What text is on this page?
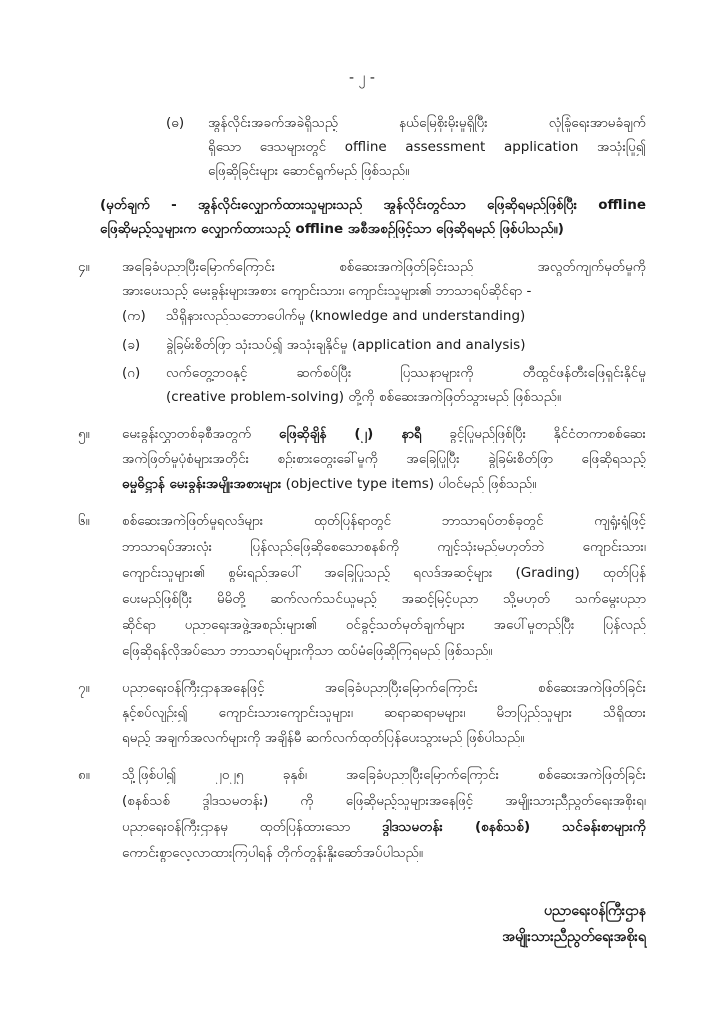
- ၂ -
(ဓ) အွန်လိုင်းအခက်အခဲရှိသည့် နယ်မြေစိုးမိုးမှုရှိပြီး လုံခြုံရေးအာမခံချက်
ရှိသော ဒေသများတွင် offline assessment application အသုံးပြု၍
ဖြေဆိုခြင်းများ ဆောင်ရွက်မည် ဖြစ်သည်။
(မှတ်ချက် - အွန်လိုင်းလျှောက်ထားသူများသည် အွန်လိုင်းတွင်သာ ဖြေဆိုရမည်ဖြစ်ပြီး offline
ဖြေဆိုမည့်သူများက လျှောက်ထားသည့် offline အစီအစဉ်ဖြင့်သာ ဖြေဆိုရမည် ဖြစ်ပါသည်။)
၄။ အခြေခံပညာပြီးမြောက်ကြောင်း စစ်ဆေးအကဲဖြတ်ခြင်းသည် အလွတ်ကျက်မှတ်မှုကို
အားပေးသည့် မေးခွန်းများအစား ကျောင်းသား၊ ကျောင်းသူများ၏ ဘာသာရပ်ဆိုင်ရာ -
(က) သိရှိနားလည်သဘောပေါက်မှု (knowledge and understanding)
(ခ) ခွဲခြမ်းစိတ်ဖြာ သုံးသပ်၍ အသုံးချနိုင်မှု (application and analysis)
(ဂ) လက်တွေ့ဘဝနှင့် ဆက်စပ်ပြီး ပြဿနာများကို တီထွင်ဖန်တီးဖြေရှင်းနိုင်မှု
(creative problem-solving) တို့ကို စစ်ဆေးအကဲဖြတ်သွားမည် ဖြစ်သည်။
၅။ မေးခွန်းလွှာတစ်ခုစီအတွက် ဖြေဆိုချိန် (၂) နာရီ ခွင့်ပြုမည်ဖြစ်ပြီး နိုင်ငံတကာစစ်ဆေး
အကဲဖြတ်မှုပုံစံများအတိုင်း စဉ်းစားတွေးခေါ်မှုကို အခြေပြုပြီး ခွဲခြမ်းစိတ်ဖြာ ဖြေဆိုရသည့်
ဓမ္မဓိဋ္ဌာန် မေးခွန်းအမျိုးအစားများ (objective type items) ပါဝင်မည် ဖြစ်သည်။
၆။ စစ်ဆေးအကဲဖြတ်မှုရလဒ်များ ထုတ်ပြန်ရာတွင် ဘာသာရပ်တစ်ခုတွင် ကျရှုံးရုံဖြင့်
ဘာသာရပ်အားလုံး ပြန်လည်ဖြေဆိုစေသောစနစ်ကို ကျင့်သုံးမည်မဟုတ်ဘဲ ကျောင်းသား၊
ကျောင်းသူများ၏ စွမ်းရည်အပေါ် အခြေပြုသည့် ရလဒ်အဆင့်များ (Grading) ထုတ်ပြန်
ပေးမည်ဖြစ်ပြီး မိမိတို့ ဆက်လက်သင်ယူမည့် အဆင့်မြင့်ပညာ သို့မဟုတ် သက်မွေးပညာ
ဆိုင်ရာ ပညာရေးအဖွဲ့အစည်းများ၏ ဝင်ခွင့်သတ်မှတ်ချက်များ အပေါ်မူတည်ပြီး ပြန်လည်
ဖြေဆိုရန်လိုအပ်သော ဘာသာရပ်များကိုသာ ထပ်မံဖြေဆိုကြရမည် ဖြစ်သည်။
၇။ ပညာရေးဝန်ကြီးဌာနအနေဖြင့် အခြေခံပညာပြီးမြောက်ကြောင်း စစ်ဆေးအကဲဖြတ်ခြင်း
နှင့်စပ်လျဉ်း၍ ကျောင်းသားကျောင်းသူများ၊ ဆရာဆရာမများ၊ မိဘပြည်သူများ သိရှိထား
ရမည့် အချက်အလက်များကို အချိန်မီ ဆက်လက်ထုတ်ပြန်ပေးသွားမည် ဖြစ်ပါသည်။
၈။ သို့ဖြစ်ပါ၍ ၂၀၂၅ ခုနှစ်၊ အခြေခံပညာပြီးမြောက်ကြောင်း စစ်ဆေးအကဲဖြတ်ခြင်း
(စနစ်သစ် ဒွါဒသမတန်း) ကို ဖြေဆိုမည့်သူများအနေဖြင့် အမျိုးသားညီညွတ်ရေးအစိုးရ၊
ပညာရေးဝန်ကြီးဌာနမှ ထုတ်ပြန်ထားသော ဒွါဒသမတန်း (စနစ်သစ်) သင်ခန်းစာများကို
ကောင်းစွာလေ့လာထားကြပါရန် တိုက်တွန်းနှိုးဆော်အပ်ပါသည်။
ပညာရေးဝန်ကြီးဌာန
အမျိုးသားညီညွတ်ရေးအစိုးရ
